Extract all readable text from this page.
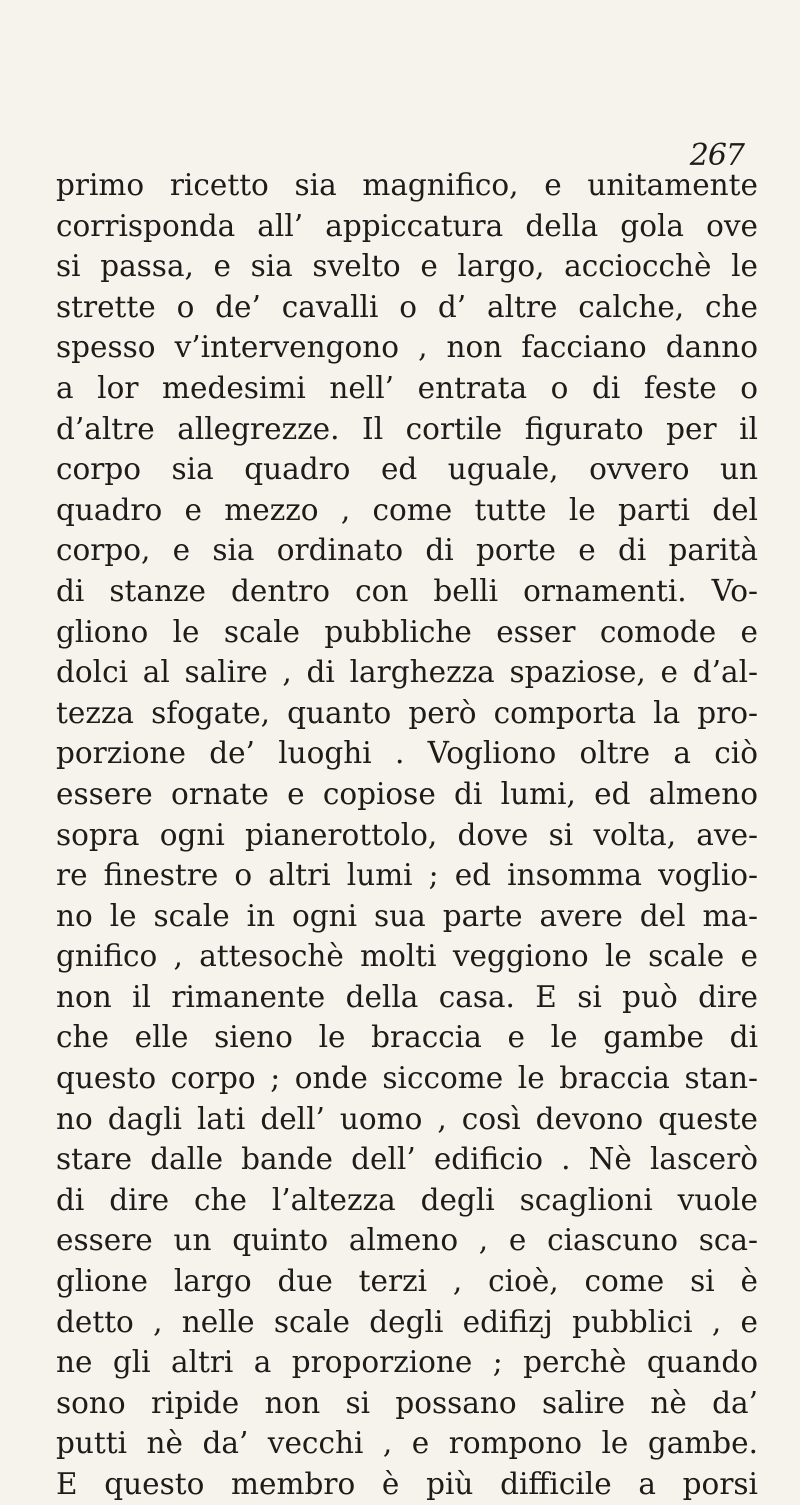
267
primo ricetto sia magnifico, e unitamente
corrisponda all’ appiccatura della gola ove
si passa, e sia svelto e largo, acciocchè le
strette o de’ cavalli o d’ altre calche, che
spesso v’intervengono , non facciano danno
a lor medesimi nell’ entrata o di feste o
d’altre allegrezze. Il cortile figurato per il
corpo sia quadro ed uguale, ovvero un
quadro e mezzo , come tutte le parti del
corpo, e sia ordinato di porte e di parità
di stanze dentro con belli ornamenti. Vo-
gliono le scale pubbliche esser comode e
dolci al salire , di larghezza spaziose, e d’al-
tezza sfogate, quanto però comporta la pro-
porzione de’ luoghi . Vogliono oltre a ciò
essere ornate e copiose di lumi, ed almeno
sopra ogni pianerottolo, dove si volta, ave-
re finestre o altri lumi ; ed insomma voglio-
no le scale in ogni sua parte avere del ma-
gnifico , attesochè molti veggiono le scale e
non il rimanente della casa. E si può dire
che elle sieno le braccia e le gambe di
questo corpo ; onde siccome le braccia stan-
no dagli lati dell’ uomo , così devono queste
stare dalle bande dell’ edificio . Nè lascerò
di dire che l’altezza degli scaglioni vuole
essere un quinto almeno , e ciascuno sca-
glione largo due terzi , cioè, come si è
detto , nelle scale degli edifizj pubblici , e
ne gli altri a proporzione ; perchè quando
sono ripide non si possano salire nè da’
putti nè da’ vecchi , e rompono le gambe.
E questo membro è più difficile a porsi
